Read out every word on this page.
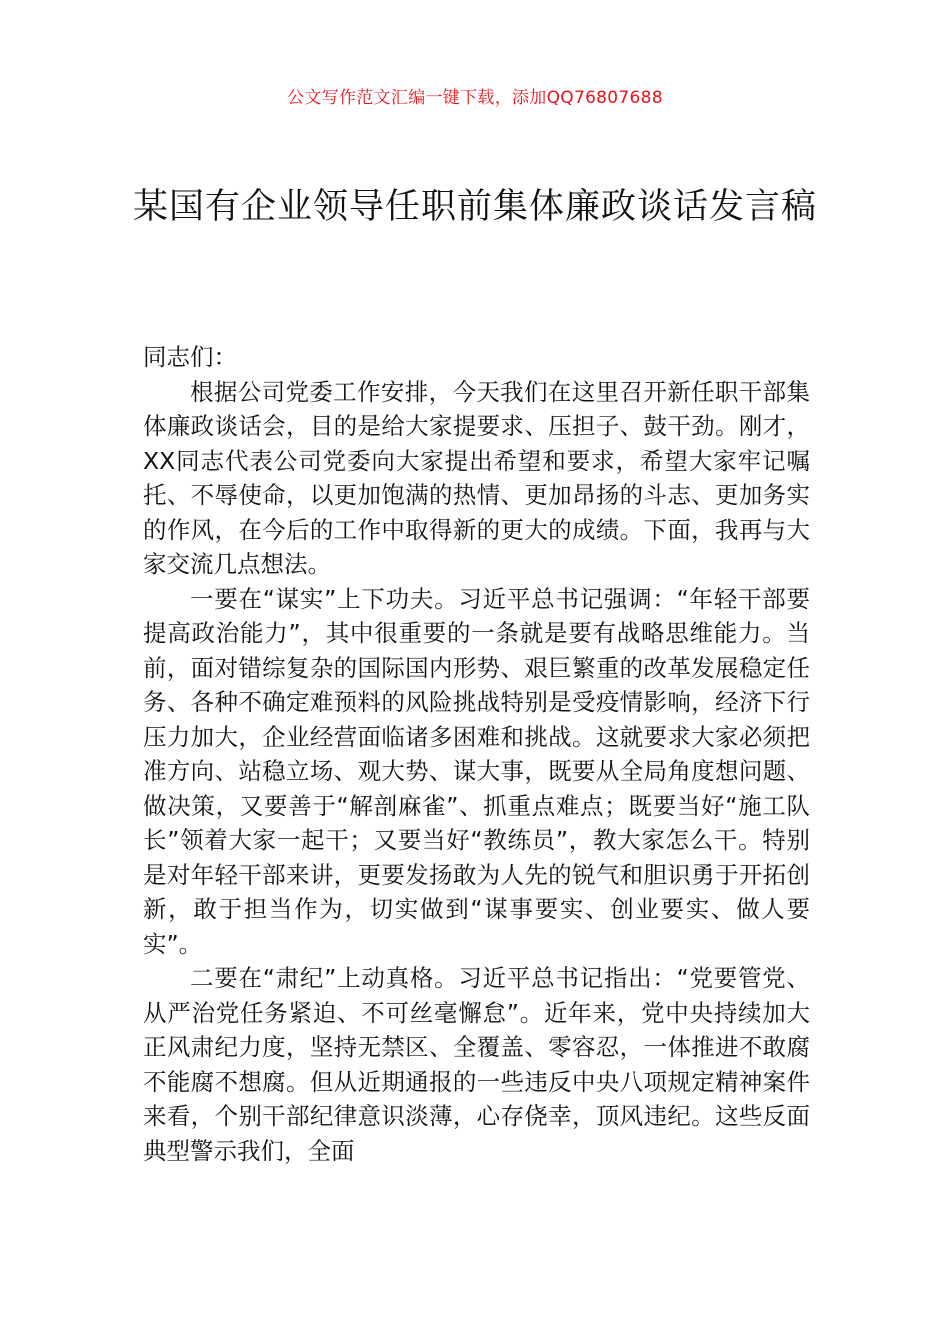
公文写作范文汇编一键下载，添加QQ76807688
某国有企业领导任职前集体廉政谈话发言稿

同志们：

根据公司党委工作安排，今天我们在这里召开新任职干部集体廉政谈话会，目的是给大家提要求、压担子、鼓干劲。刚才，XX同志代表公司党委向大家提出希望和要求，希望大家牢记嘱托、不辱使命，以更加饱满的热情、更加昂扬的斗志、更加务实的作风，在今后的工作中取得新的更大的成绩。下面，我再与大家交流几点想法。

一要在“谋实”上下功夫。习近平总书记强调：“年轻干部要提高政治能力”，其中很重要的一条就是要有战略思维能力。当前，面对错综复杂的国际国内形势、艰巨繁重的改革发展稳定任务、各种不确定难预料的风险挑战特别是受疫情影响，经济下行压力加大，企业经营面临诸多困难和挑战。这就要求大家必须把准方向、站稳立场、观大势、谋大事，既要从全局角度想问题、做决策，又要善于“解剖麻雀”、抓重点难点；既要当好“施工队长”领着大家一起干；又要当好“教练员”，教大家怎么干。特别是对年轻干部来讲，更要发扬敢为人先的锐气和胆识勇于开拓创新，敢于担当作为，切实做到“谋事要实、创业要实、做人要实”。

二要在“肃纪”上动真格。习近平总书记指出：“党要管党、从严治党任务紧迫、不可丝毫懈怠”。近年来，党中央持续加大正风肃纪力度，坚持无禁区、全覆盖、零容忍，一体推进不敢腐不能腐不想腐。但从近期通报的一些违反中央八项规定精神案件来看，个别干部纪律意识淡薄，心存侥幸，顶风违纪。这些反面典型警示我们，全面
